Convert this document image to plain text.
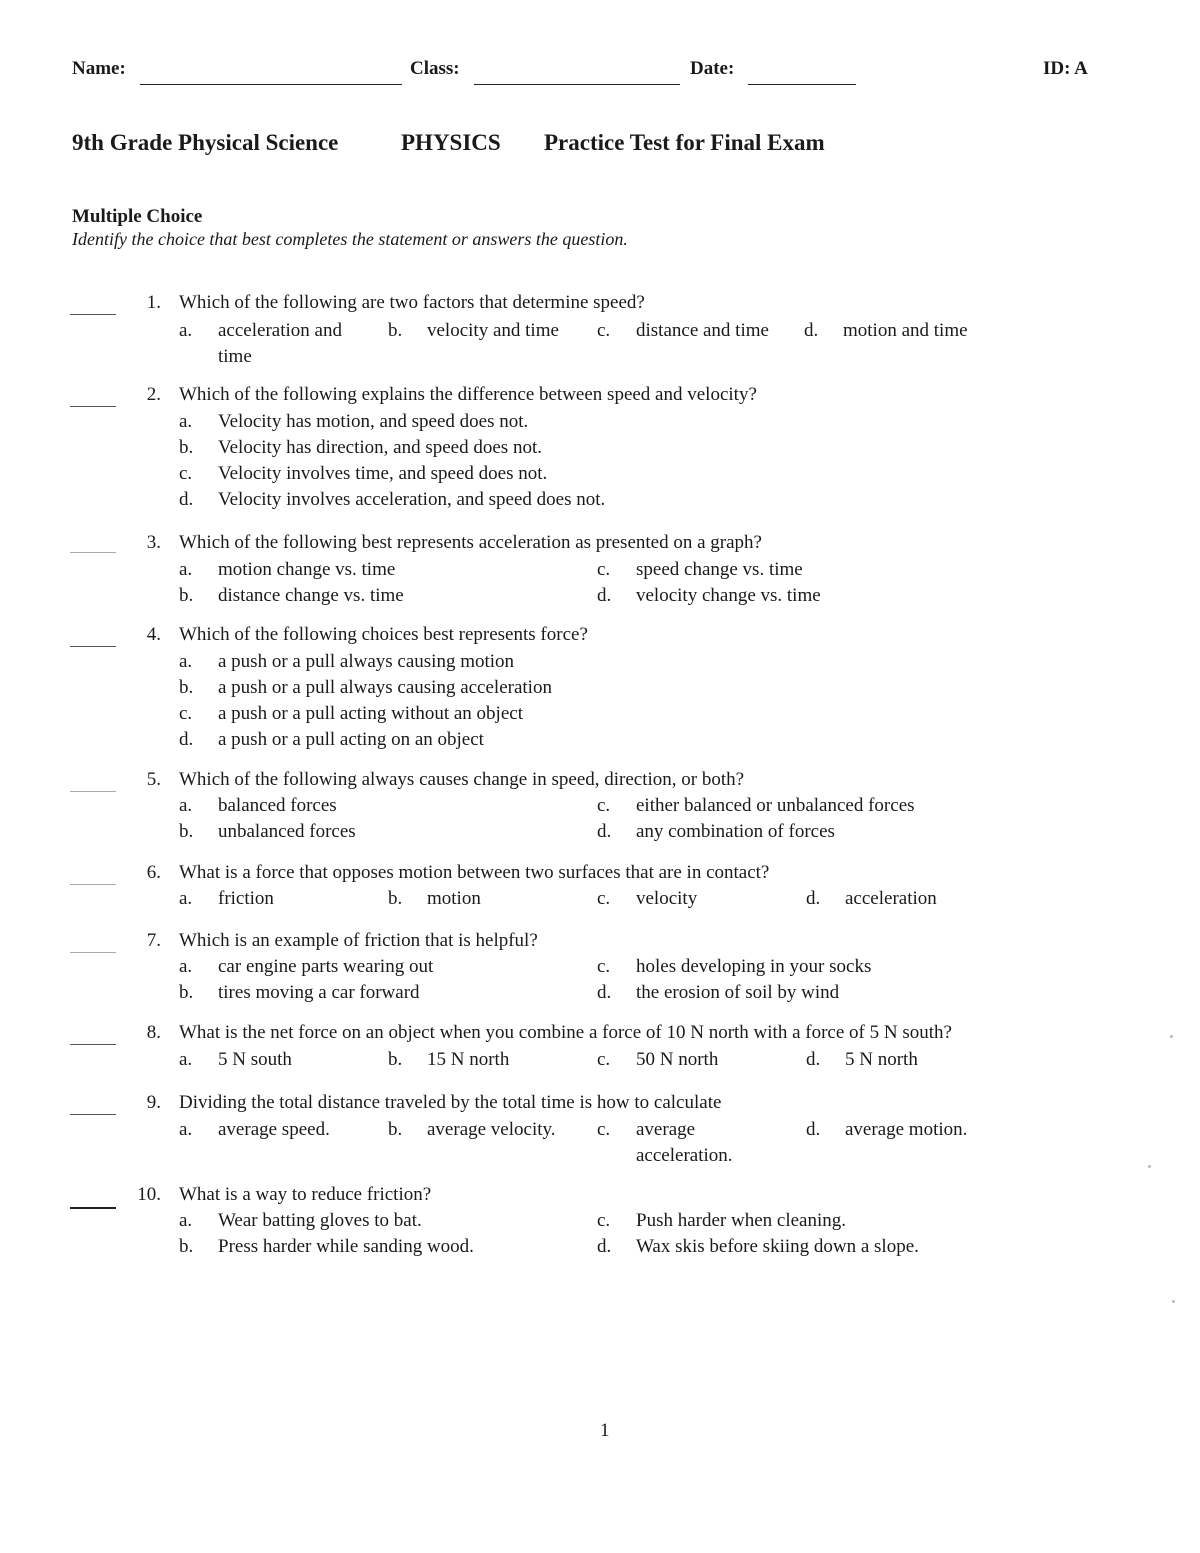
Name:	Class:	Date:	ID: A
9th Grade Physical Science	PHYSICS Practice Test for Final Exam
Multiple Choice
Identify the choice that best completes the statement or answers the question.
1. Which of the following are two factors that determine speed?
a. acceleration and time
b. velocity and time c. distance and time d. motion and time
2. Which of the following explains the difference between speed and velocity?
a. Velocity has motion, and speed does not.
b. Velocity has direction, and speed does not.
c. Velocity involves time, and speed does not.
d. Velocity involves acceleration, and speed does not.
3. Which of the following best represents acceleration as presented on a graph?
a. motion change vs. time
b. distance change vs. time
c. speed change vs. time
d. velocity change vs. time
4. Which of the following choices best represents force?
a. a push or a pull always causing motion
b. a push or a pull always causing acceleration
c. a push or a pull acting without an object
d. a push or a pull acting on an object
5. Which of the following always causes change in speed, direction, or both?
a. balanced forces
b. unbalanced forces
c. either balanced or unbalanced forces
d. any combination of forces
6. What is a force that opposes motion between two surfaces that are in contact?
a. friction	b. motion	c. velocity	d. acceleration
7. Which is an example of friction that is helpful?
a. car engine parts wearing out
b. tires moving a car forward
c. holes developing in your socks
d. the erosion of soil by wind
8. What is the net force on an object when you combine a force of 10 N north with a force of 5 N south?
a. 5 N south	b. 15 N north	c. 50 N north	d. 5 N north
9. Dividing the total distance traveled by the total time is how to calculate
a. average speed.	b. average velocity. c. average acceleration.
d. average motion.
10. What is a way to reduce friction?
a. Wear batting gloves to bat.
b. Press harder while sanding wood.
c. Push harder when cleaning.
d. Wax skis before skiing down a slope.
1
